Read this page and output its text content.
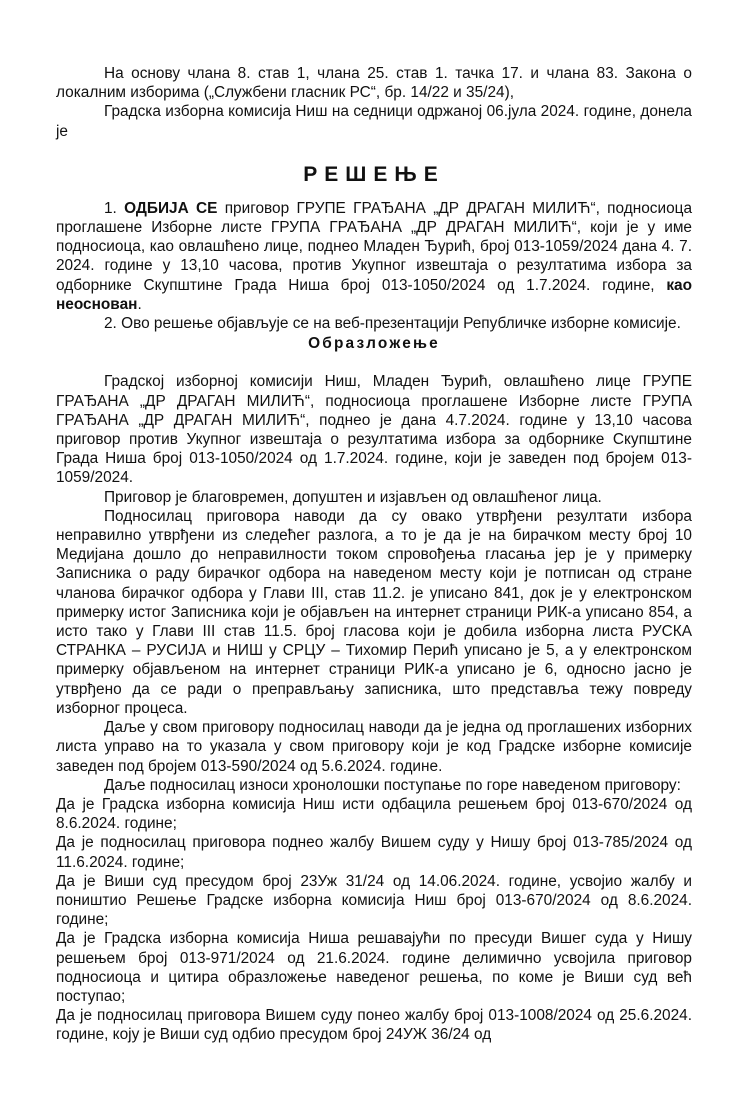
На основу члана 8. став 1, члана 25. став 1. тачка 17. и члана 83. Закона о локалним изборима („Службени гласник РС“, бр. 14/22 и 35/24),

Градска изборна комисија Ниш на седници одржаној 06.јула 2024. године, донела је

РЕШЕЊЕ

1. ОДБИЈА СЕ приговор ГРУПЕ ГРАЂАНА „ДР ДРАГАН МИЛИЋ“, подносиоца проглашене Изборне листе ГРУПА ГРАЂАНА „ДР ДРАГАН МИЛИЋ“, који је у име подносиоца, као овлашћено лице, поднео Младен Ђурић, број 013-1059/2024 дана 4. 7. 2024. године у 13,10 часова, против Укупног извештаја о резултатима избора за одборнике Скупштине Града Ниша број 013-1050/2024 од 1.7.2024. године, као неоснован.

2. Ово решење објављује се на веб-презентацији Републичке изборне комисије.

Образложење

Градској изборној комисији Ниш, Младен Ђурић, овлашћено лице ГРУПЕ ГРАЂАНА „ДР ДРАГАН МИЛИЋ“, подносиоца проглашене Изборне листе ГРУПА ГРАЂАНА „ДР ДРАГАН МИЛИЋ“, поднео је дана 4.7.2024. године у 13,10 часова приговор против Укупног извештаја о резултатима избора за одборнике Скупштине Града Ниша број 013-1050/2024 од 1.7.2024. године, који је заведен под бројем 013-1059/2024.

Приговор је благовремен, допуштен и изјављен од овлашћеног лица.

Подносилац приговора наводи да су овако утврђени резултати избора неправилно утврђени из следећег разлога, а то је да је на бирачком месту број 10 Медијана дошло до неправилности током спровођења гласања јер је у примерку Записника о раду бирачког одбора на наведеном месту који је потписан од стране чланова бирачког одбора у Глави III, став 11.2. је уписано 841, док је у електронском примерку истог Записника који је објављен на интернет страници РИК-а уписано 854, а исто тако у Глави III став 11.5. број гласова који је добила изборна листа РУСКА СТРАНКА – РУСИЈА и НИШ у СРЦУ – Тихомир Перић уписано је 5, а у електронском примерку објављеном на интернет страници РИК-а уписано је 6, односно јасно је утврђено да се ради о преправљању записника, што представља тежу повреду изборног процеса.

Даље у свом приговору подносилац наводи да је једна од проглашених изборних листа управо на то указала у свом приговору који је код Градске изборне комисије заведен под бројем 013-590/2024 од 5.6.2024. године.

Даље подносилац износи хронолошки поступање по горе наведеном приговору:

Да је Градска изборна комисија Ниш исти одбацила решењем број 013-670/2024 од 8.6.2024. године;

Да је подносилац приговора поднео жалбу Вишем суду у Нишу број 013-785/2024 од 11.6.2024. године;

Да је Виши суд пресудом број 23Уж 31/24 од 14.06.2024. године, усвојио жалбу и поништио Решење Градске изборна комисија Ниш број 013-670/2024 од 8.6.2024. године;

Да је Градска изборна комисија Ниша решавајући по пресуди Вишег суда у Нишу решењем број 013-971/2024 од 21.6.2024. године делимично усвојила приговор подносиоца и цитира образложење наведеног решења, по коме је Виши суд већ поступао;

Да је подносилац приговора Вишем суду понео жалбу број 013-1008/2024 од 25.6.2024. године, коју је Виши суд одбио пресудом број 24УЖ 36/24 од
